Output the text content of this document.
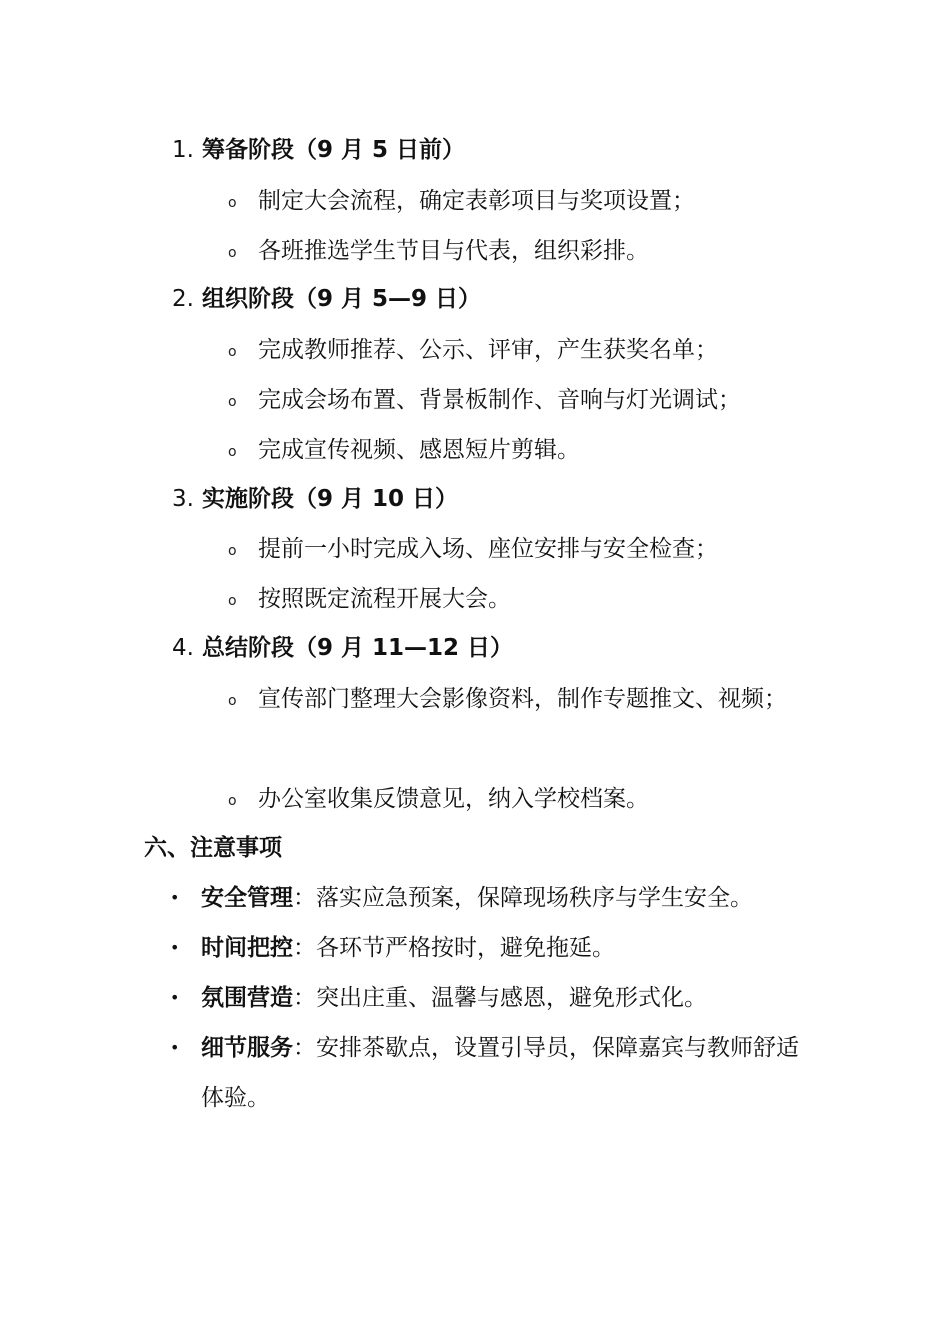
1. 筹备阶段（9 月 5 日前）
o 制定大会流程，确定表彰项目与奖项设置；
o 各班推选学生节目与代表，组织彩排。
2. 组织阶段（9 月 5—9 日）
o 完成教师推荐、公示、评审，产生获奖名单；
o 完成会场布置、背景板制作、音响与灯光调试；
o 完成宣传视频、感恩短片剪辑。
3. 实施阶段（9 月 10 日）
o 提前一小时完成入场、座位安排与安全检查；
o 按照既定流程开展大会。
4. 总结阶段（9 月 11—12 日）
o 宣传部门整理大会影像资料，制作专题推文、视频；
o 办公室收集反馈意见，纳入学校档案。
六、注意事项
• 安全管理：落实应急预案，保障现场秩序与学生安全。
• 时间把控：各环节严格按时，避免拖延。
• 氛围营造：突出庄重、温馨与感恩，避免形式化。
• 细节服务：安排茶歇点，设置引导员，保障嘉宾与教师舒适体验。
